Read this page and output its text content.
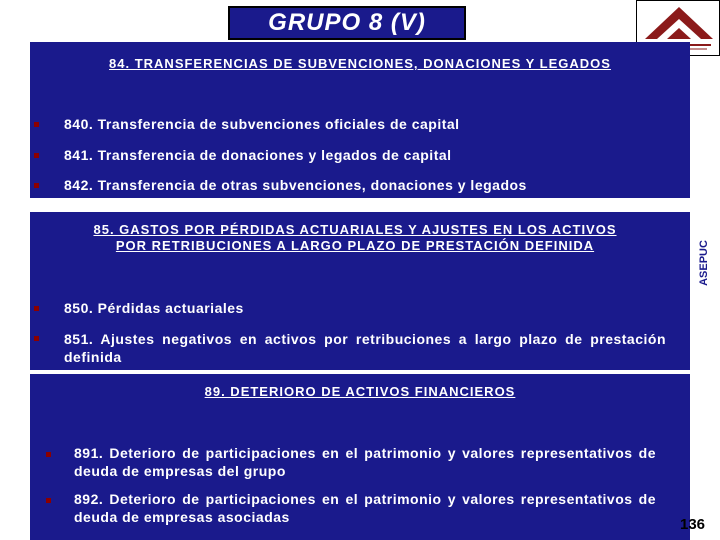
GRUPO 8 (V)
ASEPUC
84. TRANSFERENCIAS DE SUBVENCIONES, DONACIONES Y LEGADOS
840. Transferencia de subvenciones oficiales de capital
841. Transferencia de donaciones y legados de capital
842. Transferencia de otras subvenciones, donaciones y legados
85. GASTOS POR PÉRDIDAS ACTUARIALES Y AJUSTES EN LOS ACTIVOS
POR RETRIBUCIONES A LARGO PLAZO DE PRESTACIÓN DEFINIDA
850. Pérdidas actuariales
851. Ajustes negativos en activos por retribuciones a largo plazo de prestación definida
89. DETERIORO DE ACTIVOS FINANCIEROS
891. Deterioro de participaciones en el patrimonio y valores representativos de deuda de empresas del grupo
892. Deterioro de participaciones en el patrimonio y valores representativos de deuda de empresas asociadas	136
